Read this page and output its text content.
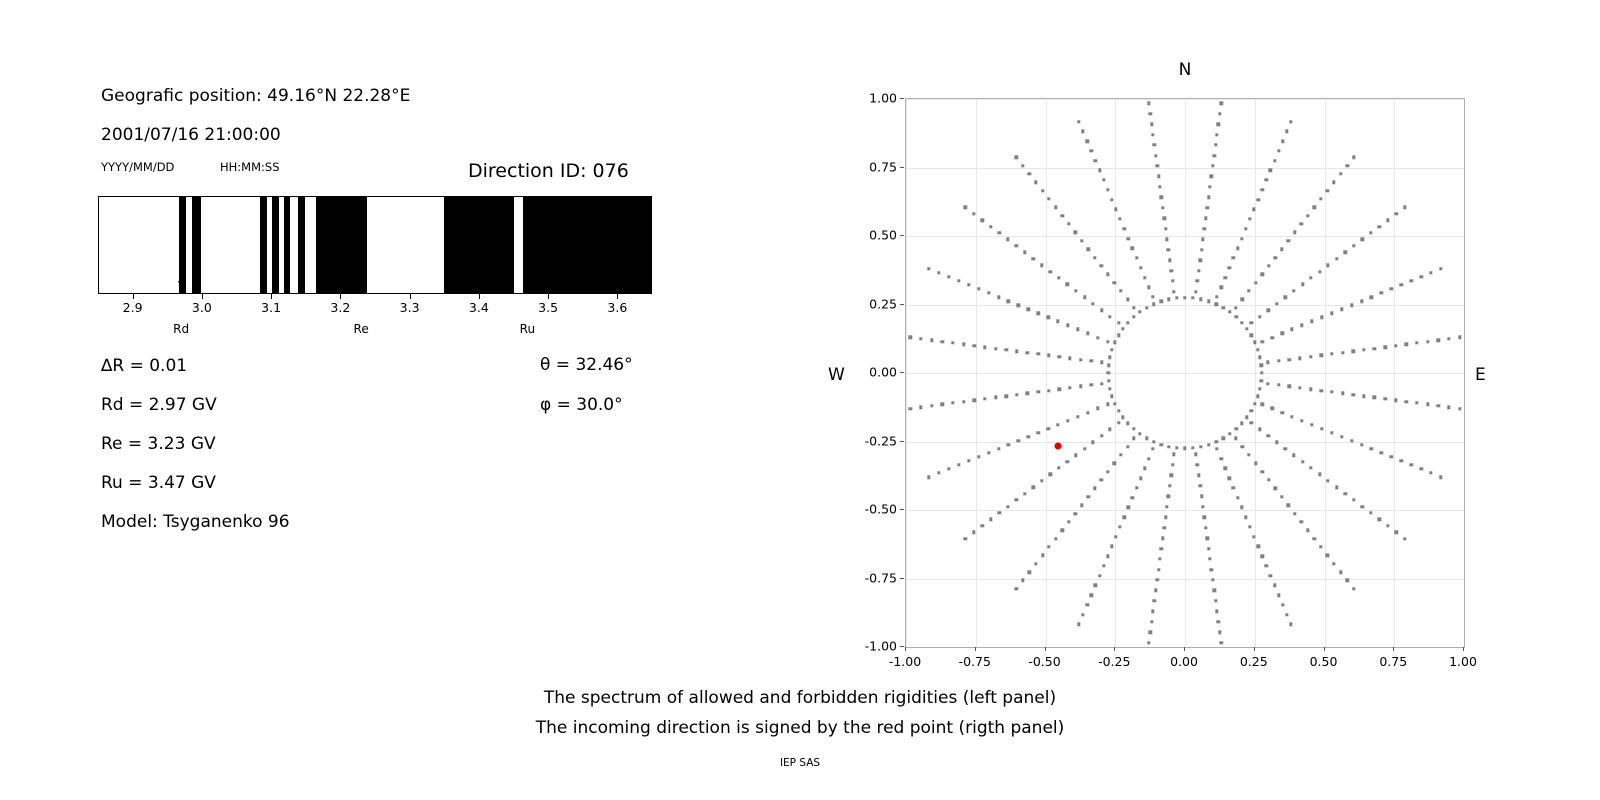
Geografic position: 49.16°N 22.28°E
2001/07/16 21:00:00
YYYY/MM/DD	HH:MM:SS	Direction ID: 076
2.9	3.0	3.1	3.2	3.3	3.4	3.5	3.6
↑
Rd
↑
Re
↑
Ru
∆R = 0.01
Rd = 2.97 GV
Re = 3.23 GV
Ru = 3.47 GV
Model: Tsyganenko 96
θ = 32.46°
φ = 30.0°
N
W	E
-1.00	-0.75	-0.50	-0.25	0.00	0.25	0.50	0.75	1.00
-1.00
-0.75
-0.50
-0.25
0.00
0.25
0.50
0.75
1.00
The spectrum of allowed and forbidden rigidities (left panel)
The incoming direction is signed by the red point (rigth panel)
IEP SAS
